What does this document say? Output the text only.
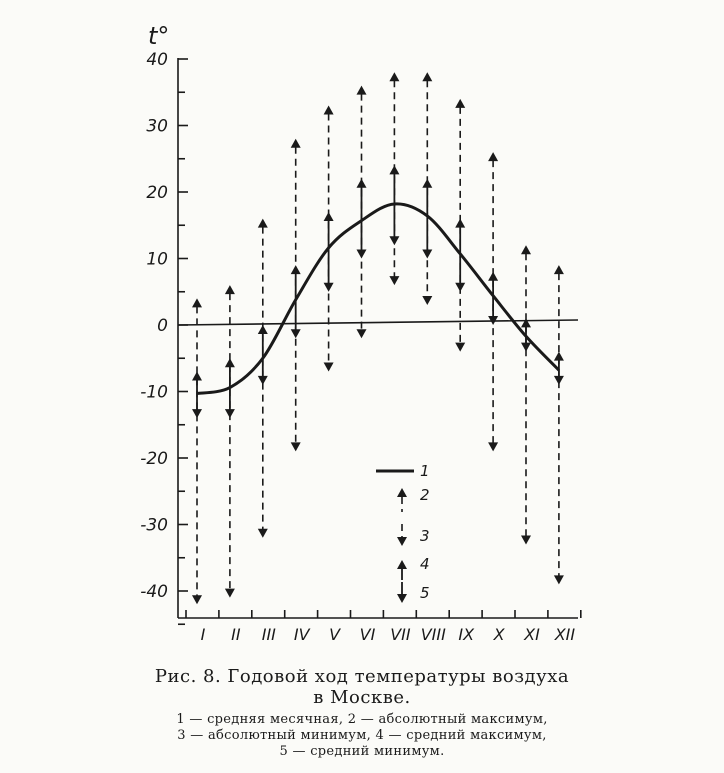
t°
40
30
20
10
0
-10
-20
-30
-40
I II III IV V VI VII VIII IX X XI XII
1
2
3
4
5
Рис. 8. Годовой ход температуры воздуха
в Москве.
1 — средняя месячная, 2 — абсолютный максимум,
3 — абсолютный минимум, 4 — средний максимум,
5 — средний минимум.
